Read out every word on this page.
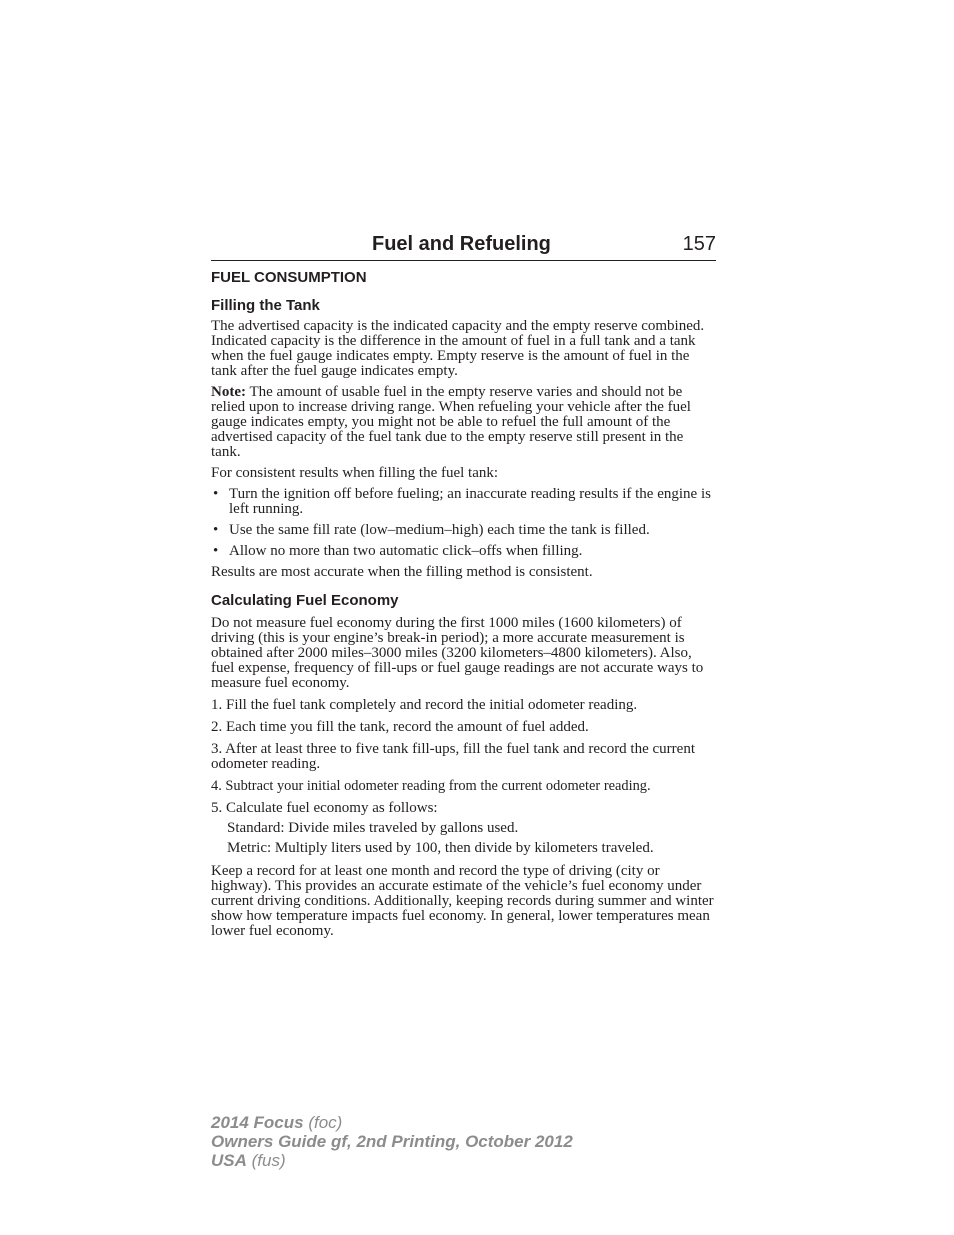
Fuel and Refueling	157
FUEL CONSUMPTION
Filling the Tank

The advertised capacity is the indicated capacity and the empty reserve combined. Indicated capacity is the difference in the amount of fuel in a full tank and a tank when the fuel gauge indicates empty. Empty reserve is the amount of fuel in the tank after the fuel gauge indicates empty.

Note: The amount of usable fuel in the empty reserve varies and should not be relied upon to increase driving range. When refueling your vehicle after the fuel gauge indicates empty, you might not be able to refuel the full amount of the advertised capacity of the fuel tank due to the empty reserve still present in the tank.

For consistent results when filling the fuel tank:

• Turn the ignition off before fueling; an inaccurate reading results if the engine is left running.
• Use the same fill rate (low–medium–high) each time the tank is filled.
• Allow no more than two automatic click–offs when filling.

Results are most accurate when the filling method is consistent.

Calculating Fuel Economy

Do not measure fuel economy during the first 1000 miles (1600 kilometers) of driving (this is your engine’s break-in period); a more accurate measurement is obtained after 2000 miles–3000 miles (3200 kilometers–4800 kilometers). Also, fuel expense, frequency of fill-ups or fuel gauge readings are not accurate ways to measure fuel economy.

1. Fill the fuel tank completely and record the initial odometer reading.

2. Each time you fill the tank, record the amount of fuel added.

3. After at least three to five tank fill-ups, fill the fuel tank and record the current odometer reading.

4. Subtract your initial odometer reading from the current odometer reading.

5. Calculate fuel economy as follows:

Standard: Divide miles traveled by gallons used.
Metric: Multiply liters used by 100, then divide by kilometers traveled.

Keep a record for at least one month and record the type of driving (city or highway). This provides an accurate estimate of the vehicle’s fuel economy under current driving conditions. Additionally, keeping records during summer and winter show how temperature impacts fuel economy. In general, lower temperatures mean lower fuel economy.

2014 Focus (foc)
Owners Guide gf, 2nd Printing, October 2012
USA (fus)
